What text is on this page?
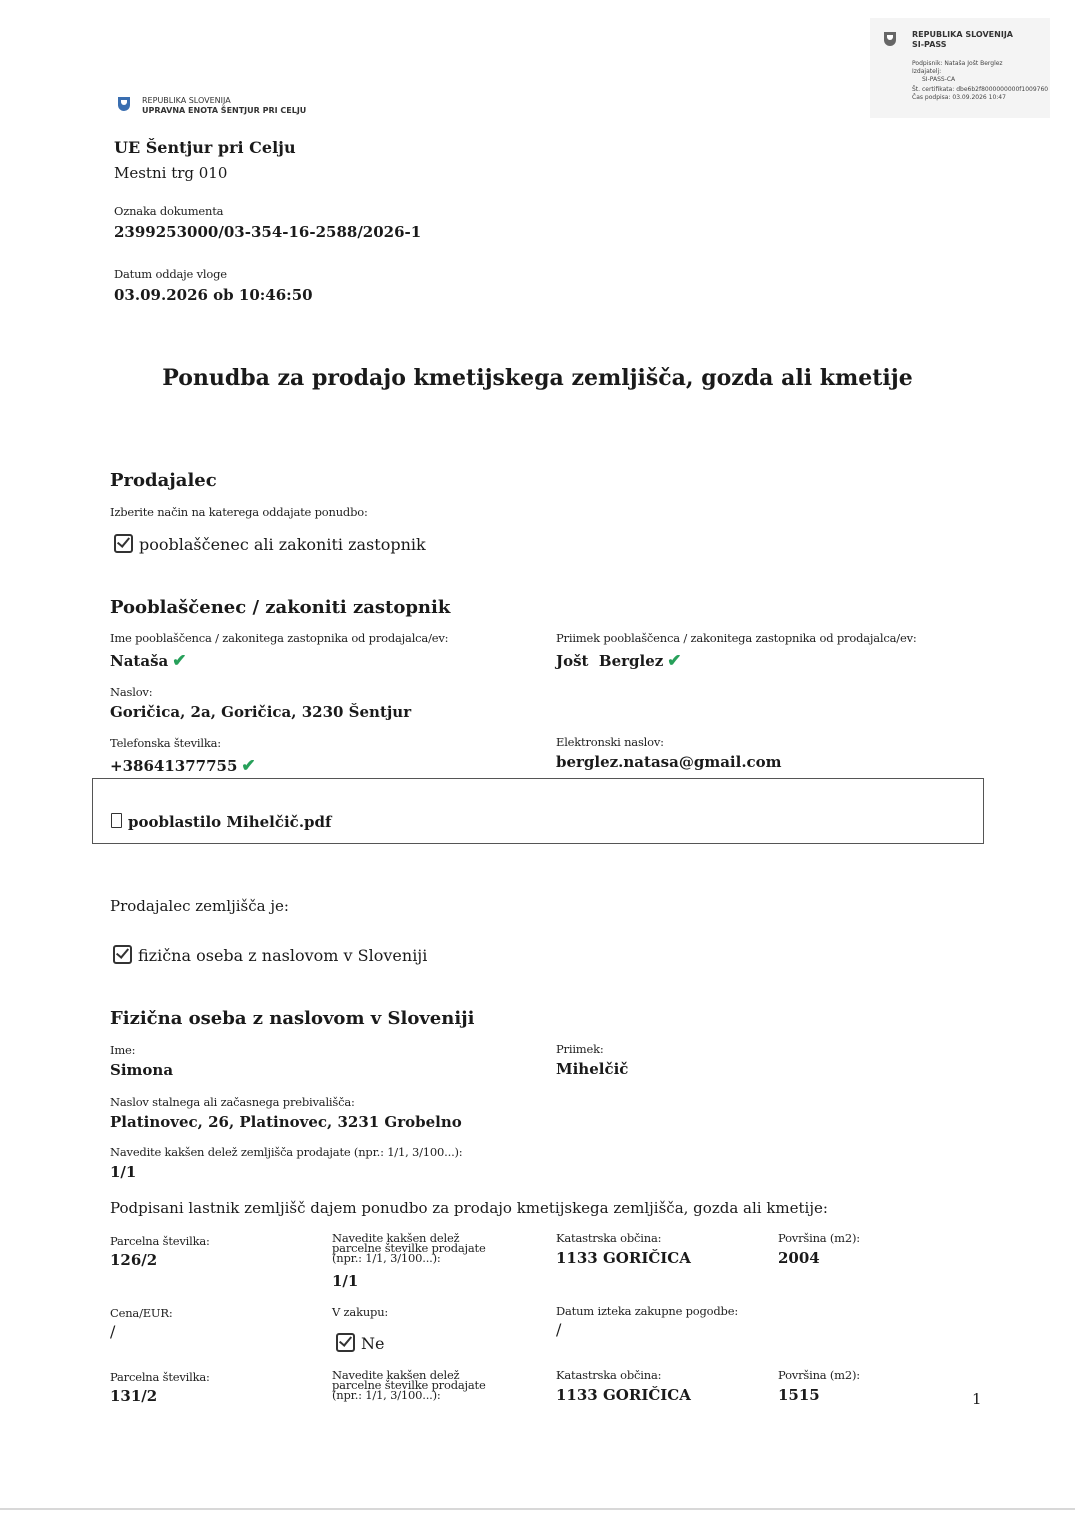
REPUBLIKA SLOVENIJA
SI-PASS
Podpisnik: Nataša Jošt Berglez
Izdajatelj:
SI-PASS-CA
Št. certifikata: dbe6b2f8000000000f1009760
Čas podpisa: 03.09.2026 10:47
REPUBLIKA SLOVENIJA
UPRAVNA ENOTA ŠENTJUR PRI CELJU
UE Šentjur pri Celju
Mestni trg 010
Oznaka dokumenta
2399253000/03-354-16-2588/2026-1
Datum oddaje vloge
03.09.2026 ob 10:46:50
Ponudba za prodajo kmetijskega zemljišča, gozda ali kmetije
Prodajalec
Izberite način na katerega oddajate ponudbo:
pooblaščenec ali zakoniti zastopnik
Pooblaščenec / zakoniti zastopnik
Ime pooblaščenca / zakonitega zastopnika od prodajalca/ev:
Nataša ✔
Priimek pooblaščenca / zakonitega zastopnika od prodajalca/ev:
Jošt  Berglez ✔
Naslov:
Goričica, 2a, Goričica, 3230 Šentjur
Telefonska številka:
+38641377755 ✔
Elektronski naslov:
berglez.natasa@gmail.com
pooblastilo Mihelčič.pdf
Prodajalec zemljišča je:
fizična oseba z naslovom v Sloveniji
Fizična oseba z naslovom v Sloveniji
Ime:
Simona
Priimek:
Mihelčič
Naslov stalnega ali začasnega prebivališča:
Platinovec, 26, Platinovec, 3231 Grobelno
Navedite kakšen delež zemljišča prodajate (npr.: 1/1, 3/100...):
1/1
Podpisani lastnik zemljišč dajem ponudbo za prodajo kmetijskega zemljišča, gozda ali kmetije:
Parcelna številka:
126/2
Navedite kakšen delež parcelne številke prodajate (npr.: 1/1, 3/100...):
1/1
Katastrska občina:
1133 GORIČICA
Površina (m2):
2004
Cena/EUR:
/
V zakupu:
Ne
Datum izteka zakupne pogodbe:
/
Parcelna številka:
131/2
Navedite kakšen delež parcelne številke prodajate (npr.: 1/1, 3/100...):
Katastrska občina:
1133 GORIČICA
Površina (m2):
1515	1
